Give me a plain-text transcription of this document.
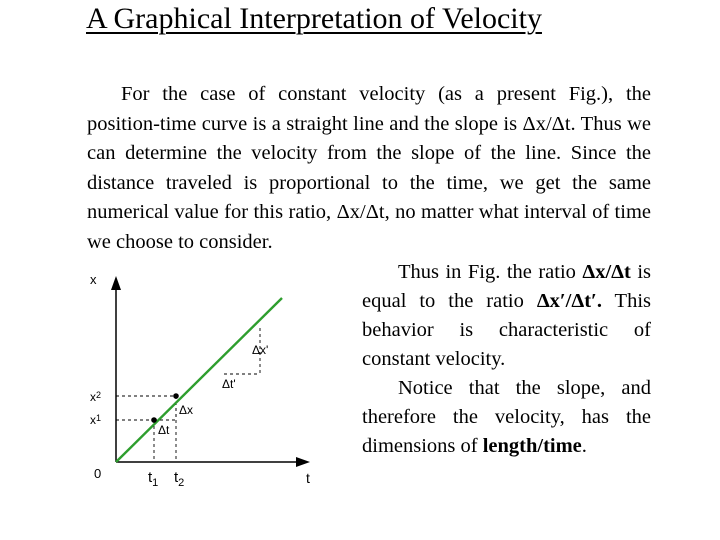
A Graphical Interpretation of Velocity

For the case of constant velocity (as a present Fig.), the position-time curve is a straight line and the slope is Δx/Δt. Thus we can determine the velocity from the slope of the line. Since the distance traveled is proportional to the time, we get the same numerical value for this ratio, Δx/Δt, no matter what interval of time we choose to consider.

x
t
0
$x^2$
$x^1$
$t_1$ $t_2$
Δx
Δt
Δx'
Δt'

Thus in Fig. the ratio Δx/Δt is equal to the ratio Δx′/Δt′. This behavior is characteristic of constant velocity.

Notice that the slope, and therefore the velocity, has the dimensions of length/time.
